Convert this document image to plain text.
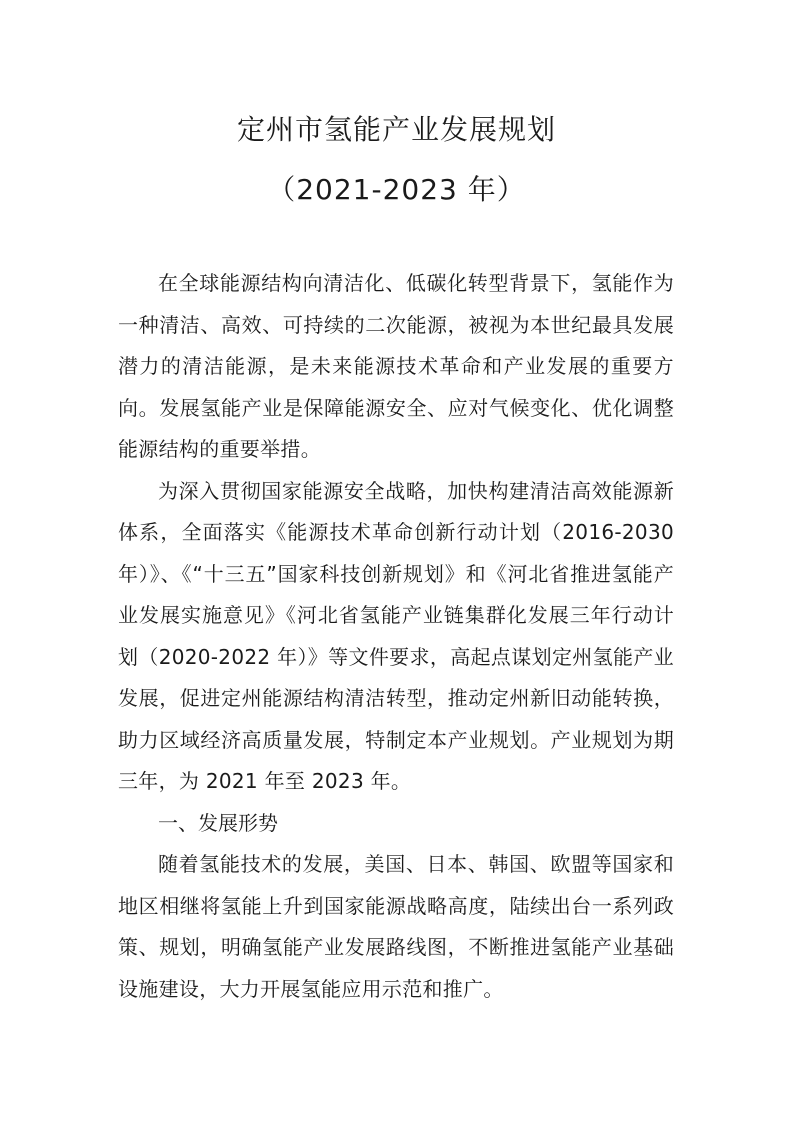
定州市氢能产业发展规划
（2021-2023 年）

在全球能源结构向清洁化、低碳化转型背景下，氢能作为一种清洁、高效、可持续的二次能源，被视为本世纪最具发展潜力的清洁能源，是未来能源技术革命和产业发展的重要方向。发展氢能产业是保障能源安全、应对气候变化、优化调整能源结构的重要举措。

为深入贯彻国家能源安全战略，加快构建清洁高效能源新体系，全面落实《能源技术革命创新行动计划（2016-2030年）》、《“十三五”国家科技创新规划》和《河北省推进氢能产业发展实施意见》《河北省氢能产业链集群化发展三年行动计划（2020-2022 年）》等文件要求，高起点谋划定州氢能产业发展，促进定州能源结构清洁转型，推动定州新旧动能转换，助力区域经济高质量发展，特制定本产业规划。产业规划为期三年，为 2021 年至 2023 年。

一、发展形势

随着氢能技术的发展，美国、日本、韩国、欧盟等国家和地区相继将氢能上升到国家能源战略高度，陆续出台一系列政策、规划，明确氢能产业发展路线图，不断推进氢能产业基础设施建设，大力开展氢能应用示范和推广。
